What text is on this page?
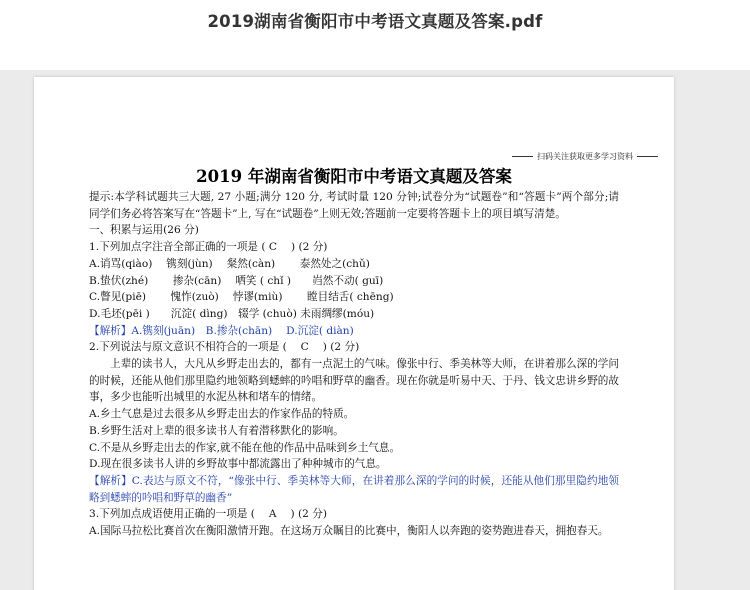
2019湖南省衡阳市中考语文真题及答案.pdf
扫码关注获取更多学习资料
2019 年湖南省衡阳市中考语文真题及答案

提示:本学科试题共三大题, 27 小题;满分 120 分, 考试时量 120 分钟;试卷分为“试题卷”和“答题卡”两个部分;请同学们务必将答案写在“答题卡”上, 写在“试题卷”上则无效;答题前一定要将答题卡上的项目填写清楚。

一、积累与运用(26 分)

1.下列加点字注音全部正确的一项是 ( C　 ) (2 分)

A.诮骂(qiào)　 镌刻(jùn)　 粲然(càn)　　 泰然处之(chǔ)

B.蛰伏(zhé)　　 掺杂(cān)　 哂笑 ( chǐ )　　岿然不动( guī)

C.瞥见(piē)　　 愧怍(zuò)　 悖谬(miù)　　 瞠目结舌( chēng)

D.毛坯(pēi )　　沉淀( dìng)　辍学 (chuò) 未雨绸缪(móu)

【解析】A.镌刻(juān)　B.掺杂(chān)　 D.沉淀( diàn)

2.下列说法与原文意识不相符合的一项是 ( 　C　 ) (2 分)

上辈的读书人，大凡从乡野走出去的，都有一点泥土的气味。像张中行、季美林等大师，在讲着那么深的学问的时候，还能从他们那里隐约地领略到蟋蟀的吟唱和野草的幽香。现在你就是听易中天、于丹、钱文忠讲乡野的故事，多少也能听出城里的水泥丛林和堵车的情绪。

A.乡土气息是过去很多从乡野走出去的作家作品的特质。

B.乡野生活对上辈的很多读书人有着潜移默化的影响。

C.不是从乡野走出去的作家,就不能在他的作品中品味到乡土气息。

D.现在很多读书人讲的乡野故事中都流露出了种种城市的气息。

【解析】C.表达与原文不符，“像张中行、季美林等大师，在讲着那么深的学问的时候，还能从他们那里隐约地领略到蟋蟀的吟唱和野草的幽香”

3.下列加点成语使用正确的一项是 ( 　A　 ) (2 分)

A.国际马拉松比赛首次在衡阳激情开跑。在这场万众瞩目的比赛中，衡阳人以奔跑的姿势跑进春天，拥抱春天。
